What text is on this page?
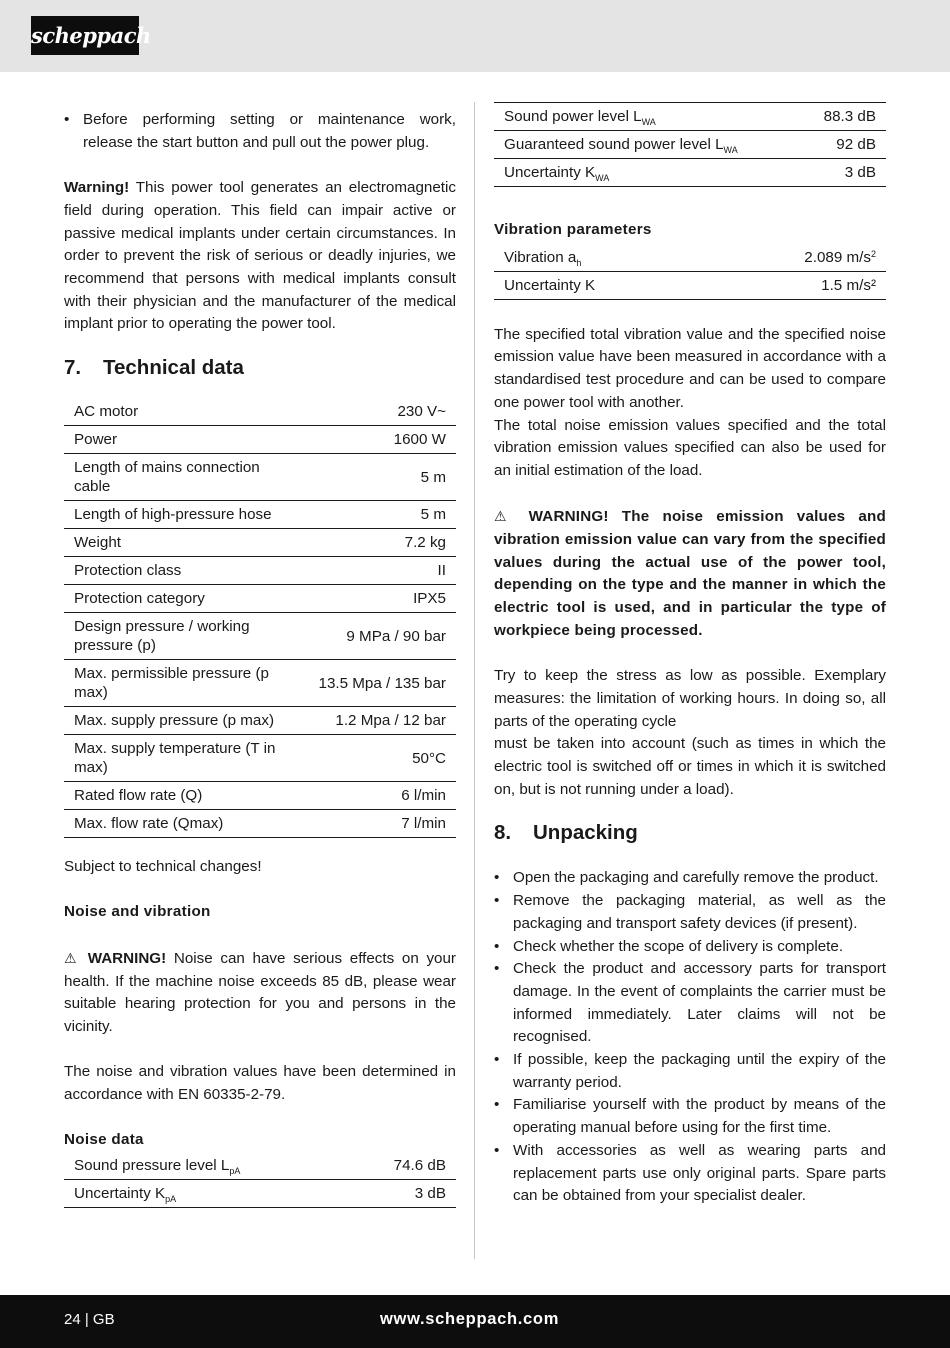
scheppach
• Before performing setting or maintenance work, release the start button and pull out the power plug.

Warning! This power tool generates an electromagnetic field during operation. This field can impair active or passive medical implants under certain circumstances. In order to prevent the risk of serious or deadly injuries, we recommend that persons with medical implants consult with their physician and the manufacturer of the medical implant prior to operating the power tool.

7.	Technical data
AC motor	230 V~
Power	1600 W
Length of mains connection cable	5 m
Length of high-pressure hose	5 m
Weight	7.2 kg
Protection class	II
Protection category	IPX5
Design pressure / working pressure (p)	9 MPa / 90 bar
Max. permissible pressure (p max)	13.5 Mpa / 135 bar
Max. supply pressure (p max)	1.2 Mpa / 12 bar
Max. supply temperature (T in max)	50°C
Rated flow rate (Q)	6 l/min
Max. flow rate (Qmax)	7 l/min

Subject to technical changes!

Noise and vibration

⚠ WARNING! Noise can have serious effects on your health. If the machine noise exceeds 85 dB, please wear suitable hearing protection for you and persons in the vicinity.

The noise and vibration values have been determined in accordance with EN 60335-2-79.

Noise data

Sound pressure level $L_{pA}$	74.6 dB
Uncertainty $K_{pA}$	3 dB
Sound power level $L_{WA}$	88.3 dB
Guaranteed sound power level $L_{WA}$	92 dB
Uncertainty $K_{WA}$	3 dB

Vibration parameters

Vibration $a_h$	2.089 $m/s^2$
Uncertainty K	1.5 m/s²

The specified total vibration value and the specified noise emission value have been measured in accordance with a standardised test procedure and can be used to compare one power tool with another.

The total noise emission values specified and the total vibration emission values specified can also be used for an initial estimation of the load.

⚠ WARNING! The noise emission values and vibration emission value can vary from the specified values during the actual use of the power tool, depending on the type and the manner in which the electric tool is used, and in particular the type of workpiece being processed.

Try to keep the stress as low as possible. Exemplary measures: the limitation of working hours. In doing so, all parts of the operating cycle

must be taken into account (such as times in which the electric tool is switched off or times in which it is switched on, but is not running under a load).

8.	Unpacking
• Open the packaging and carefully remove the product.
• Remove the packaging material, as well as the packaging and transport safety devices (if present).
• Check whether the scope of delivery is complete.
• Check the product and accessory parts for transport damage. In the event of complaints the carrier must be informed immediately. Later claims will not be recognised.
• If possible, keep the packaging until the expiry of the warranty period.
• Familiarise yourself with the product by means of the operating manual before using for the first time.
• With accessories as well as wearing parts and replacement parts use only original parts. Spare parts can be obtained from your specialist dealer.
24 | GB	www.scheppach.com
